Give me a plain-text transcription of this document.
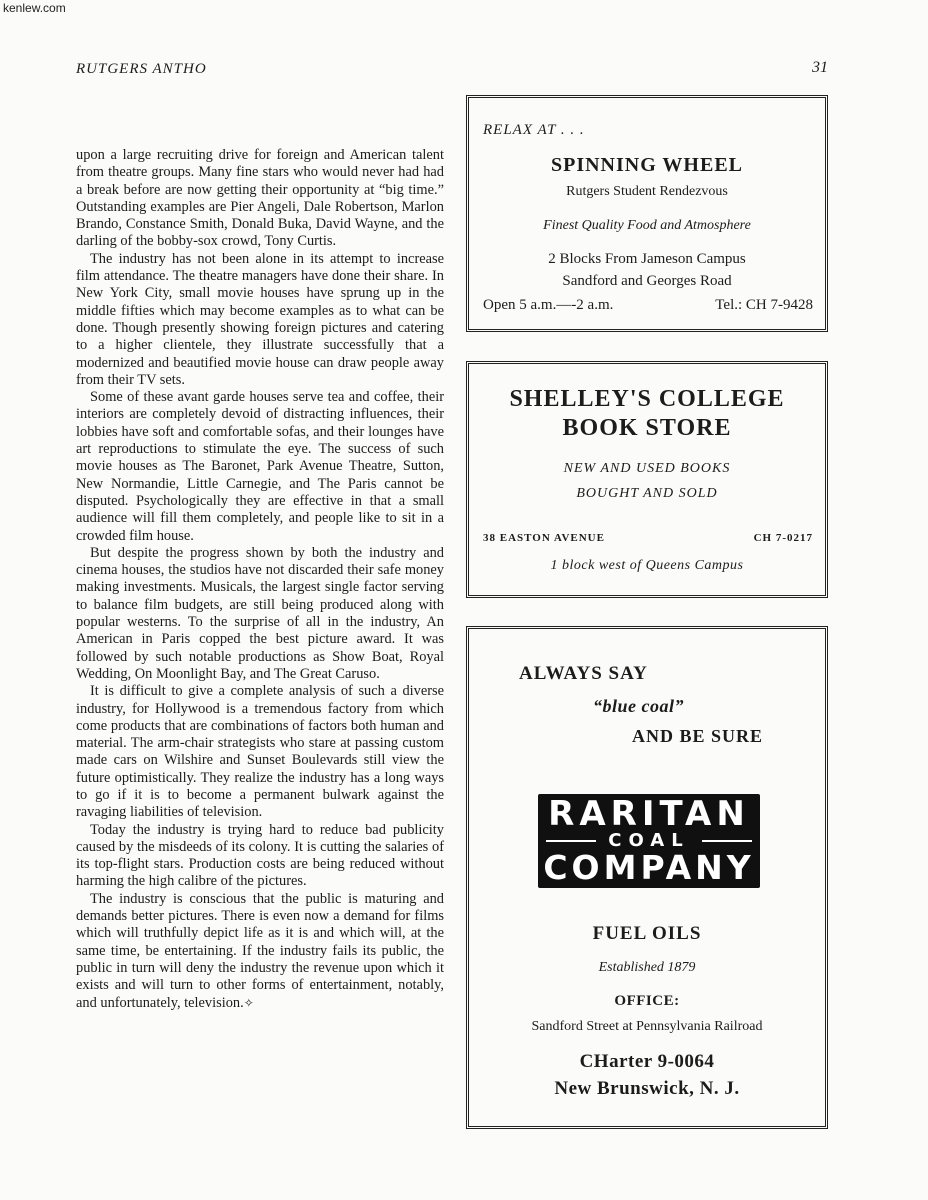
kenlew.com
RUTGERS ANTHO	31

upon a large recruiting drive for foreign and American talent from theatre groups. Many fine stars who would never had had a break before are now getting their opportunity at “big time.” Outstanding examples are Pier Angeli, Dale Robertson, Marlon Brando, Constance Smith, Donald Buka, David Wayne, and the darling of the bobby-sox crowd, Tony Curtis.

The industry has not been alone in its attempt to increase film attendance. The theatre managers have done their share. In New York City, small movie houses have sprung up in the middle fifties which may become examples as to what can be done. Though presently showing foreign pictures and catering to a higher clientele, they illustrate successfully that a modernized and beautified movie house can draw people away from their TV sets.

Some of these avant garde houses serve tea and coffee, their interiors are completely devoid of distracting influences, their lobbies have soft and comfortable sofas, and their lounges have art reproductions to stimulate the eye. The success of such movie houses as The Baronet, Park Avenue Theatre, Sutton, New Normandie, Little Carnegie, and The Paris cannot be disputed. Psychologically they are effective in that a small audience will fill them completely, and people like to sit in a crowded film house.

But despite the progress shown by both the industry and cinema houses, the studios have not discarded their safe money making investments. Musicals, the largest single factor serving to balance film budgets, are still being produced along with popular westerns. To the surprise of all in the industry, An American in Paris copped the best picture award. It was followed by such notable productions as Show Boat, Royal Wedding, On Moonlight Bay, and The Great Caruso.

It is difficult to give a complete analysis of such a diverse industry, for Hollywood is a tremendous factory from which come products that are combinations of factors both human and material. The arm-chair strategists who stare at passing custom made cars on Wilshire and Sunset Boulevards still view the future optimistically. They realize the industry has a long ways to go if it is to become a permanent bulwark against the ravaging liabilities of television.

Today the industry is trying hard to reduce bad publicity caused by the misdeeds of its colony. It is cutting the salaries of its top-flight stars. Production costs are being reduced without harming the high calibre of the pictures.

The industry is conscious that the public is maturing and demands better pictures. There is even now a demand for films which will truthfully depict life as it is and which will, at the same time, be entertaining. If the industry fails its public, the public in turn will deny the industry the revenue upon which it exists and will turn to other forms of entertainment, notably, and unfortunately, television.✧

RELAX AT . . .
SPINNING WHEEL
Rutgers Student Rendezvous
Finest Quality Food and Atmosphere
2 Blocks From Jameson Campus
Sandford and Georges Road
Open 5 a.m.—-2 a.m.	Tel.: CH 7-9428
SHELLEY'S COLLEGE
BOOK STORE
NEW AND USED BOOKS
BOUGHT AND SOLD
38 EASTON AVENUE	CH 7-0217
1 block west of Queens Campus
ALWAYS SAY
“blue coal”
AND BE SURE
RARITAN
COAL
COMPANY
FUEL OILS
Established 1879
OFFICE:
Sandford Street at Pennsylvania Railroad
CHarter 9-0064
New Brunswick, N. J.
